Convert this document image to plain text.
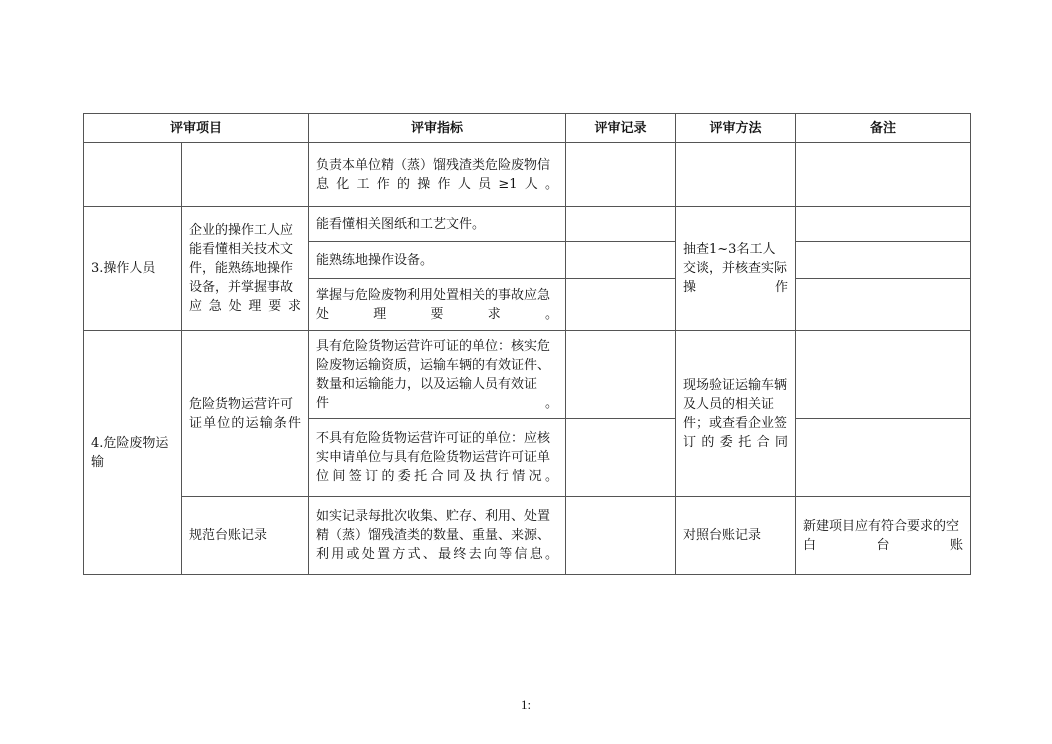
评审项目		评审指标	评审记录	评审方法	备注
		负责本单位精（蒸）馏残渣类危险废物信息化工作的操作人员≥1人。			
3.操作人员	企业的操作工人应能看懂相关技术文件，能熟练地操作设备，并掌握事故应急处理要求	能看懂相关图纸和工艺文件。		抽查1~3名工人交谈，并核查实际操作	
		能熟练地操作设备。			
		掌握与危险废物利用处置相关的事故应急处理要求。			
4.危险废物运输	危险货物运营许可证单位的运输条件	具有危险货物运营许可证的单位：核实危险废物运输资质，运输车辆的有效证件、数量和运输能力，以及运输人员有效证件。		现场验证运输车辆及人员的相关证件；或查看企业签订的委托合同	
		不具有危险货物运营许可证的单位：应核实申请单位与具有危险货物运营许可证单位间签订的委托合同及执行情况。			
	规范台账记录	如实记录每批次收集、贮存、利用、处置精（蒸）馏残渣类的数量、重量、来源、利用或处置方式、最终去向等信息。		对照台账记录	新建项目应有符合要求的空白台账
1:
